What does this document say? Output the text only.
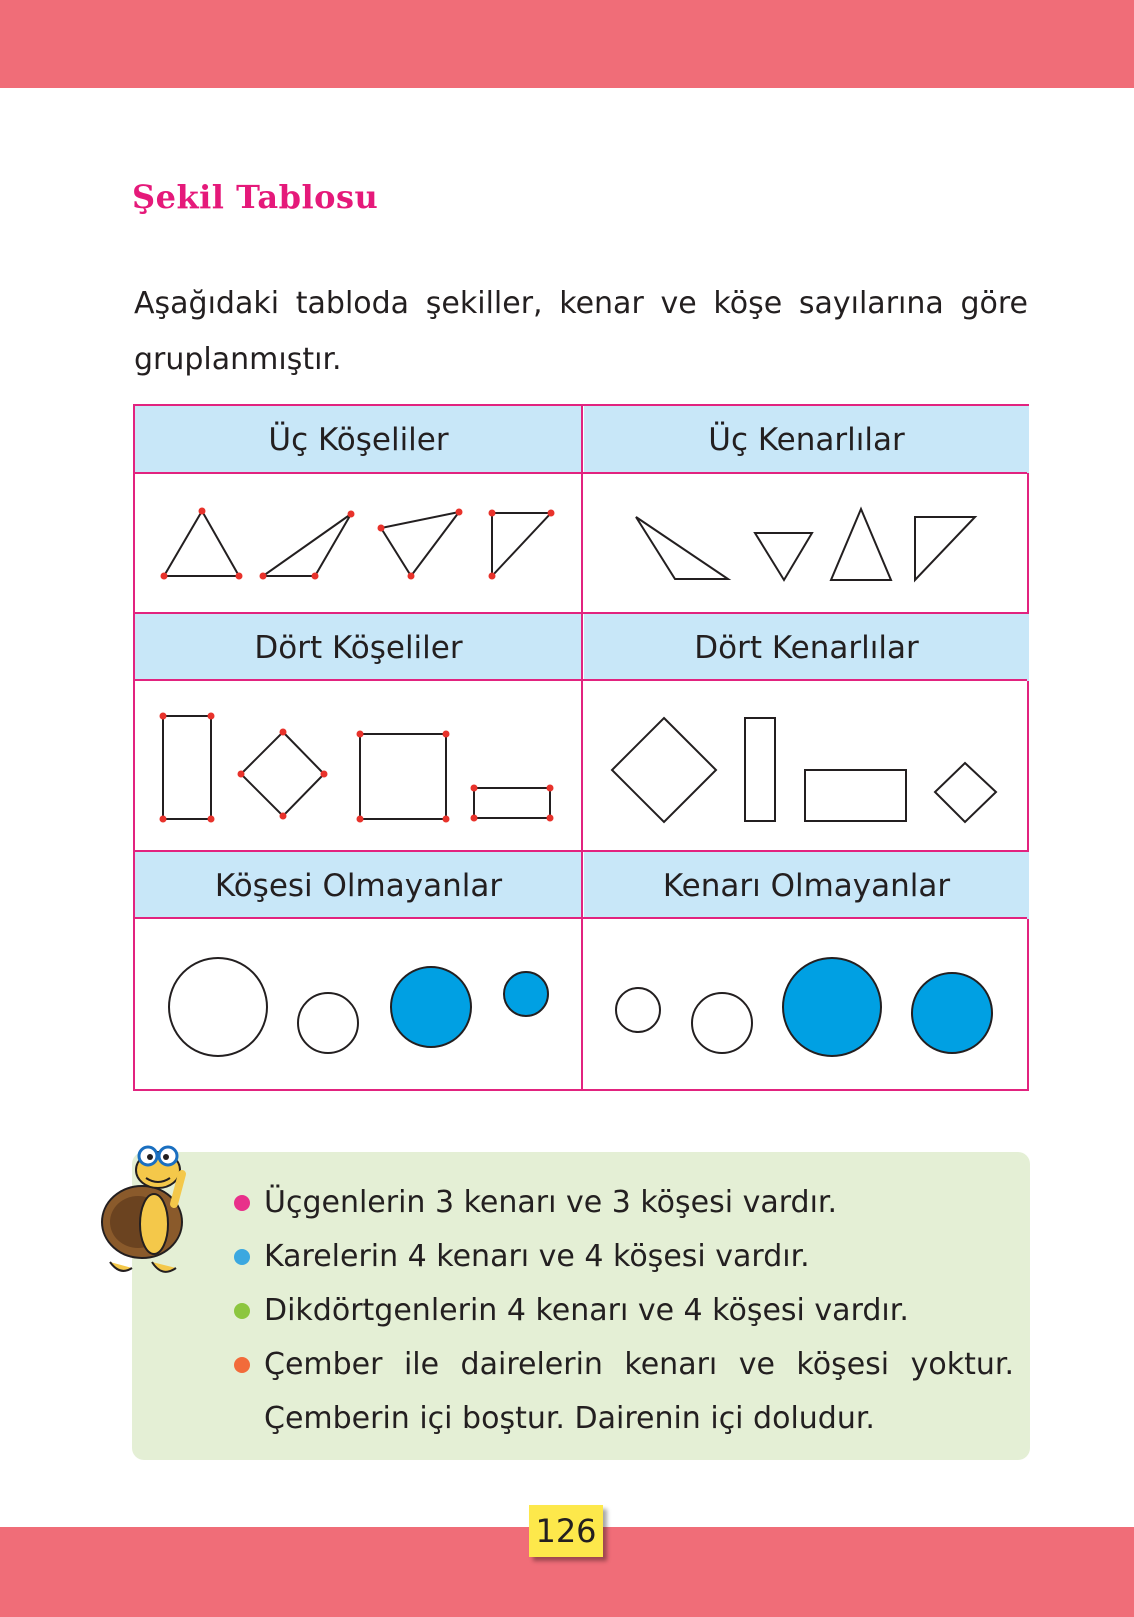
Şekil Tablosu
Aşağıdaki tabloda şekiller, kenar ve köşe sayılarına göre gruplanmıştır.
Üç Köşeliler	Üç Kenarlılar
Dört Köşeliler	Dört Kenarlılar
Köşesi Olmayanlar	Kenarı Olmayanlar
Üçgenlerin 3 kenarı ve 3 köşesi vardır.
Karelerin 4 kenarı ve 4 köşesi vardır.
Dikdörtgenlerin 4 kenarı ve 4 köşesi vardır.
Çember ile dairelerin kenarı ve köşesi yoktur. Çemberin içi boştur. Dairenin içi doludur.
126
